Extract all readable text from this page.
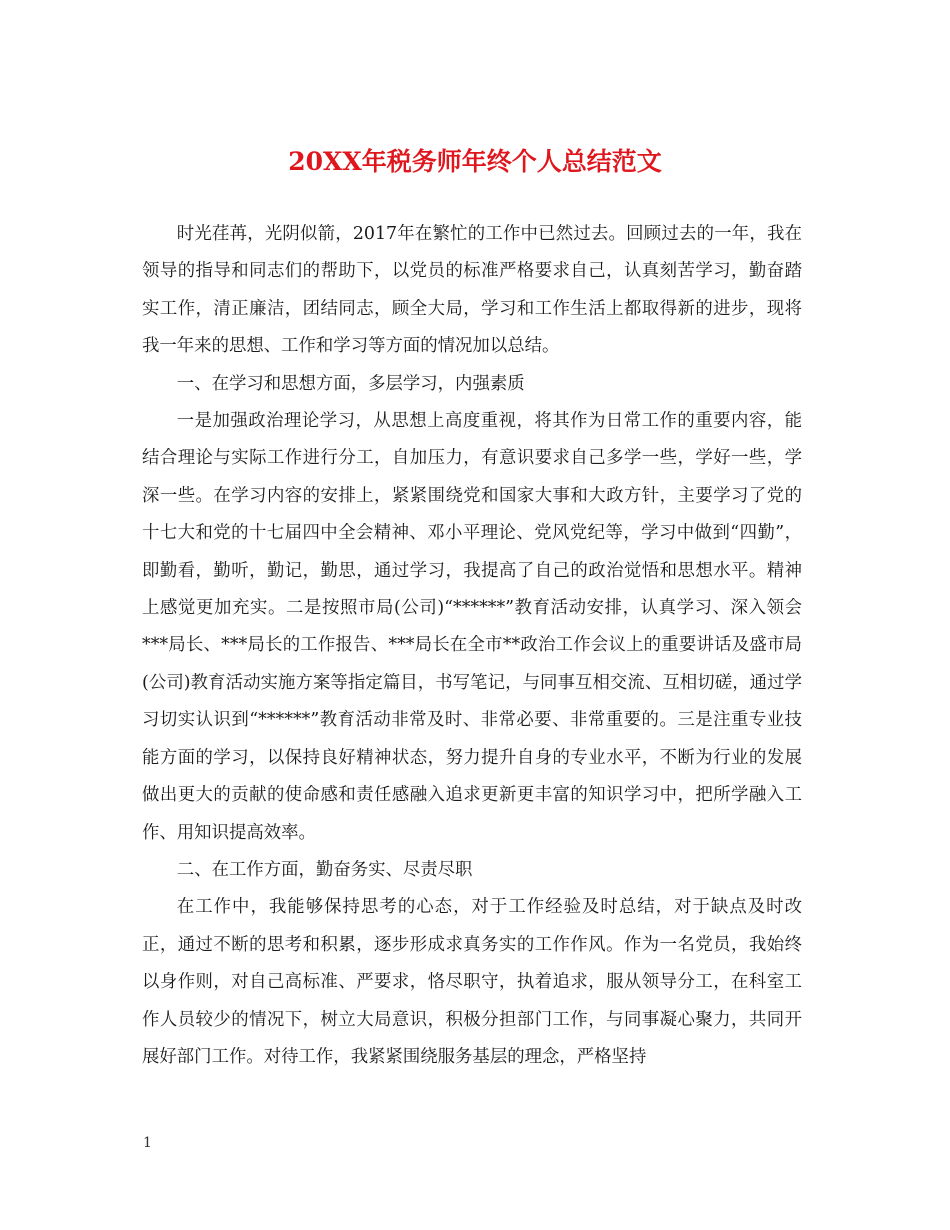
20XX年税务师年终个人总结范文

时光荏苒，光阴似箭，2017年在繁忙的工作中已然过去。回顾过去的一年，我在领导的指导和同志们的帮助下，以党员的标准严格要求自己，认真刻苦学习，勤奋踏实工作，清正廉洁，团结同志，顾全大局，学习和工作生活上都取得新的进步，现将我一年来的思想、工作和学习等方面的情况加以总结。

一、在学习和思想方面，多层学习，内强素质

一是加强政治理论学习，从思想上高度重视，将其作为日常工作的重要内容，能结合理论与实际工作进行分工，自加压力，有意识要求自己多学一些，学好一些，学深一些。在学习内容的安排上，紧紧围绕党和国家大事和大政方针，主要学习了党的十七大和党的十七届四中全会精神、邓小平理论、党风党纪等，学习中做到“四勤”，即勤看，勤听，勤记，勤思，通过学习，我提高了自己的政治觉悟和思想水平。精神上感觉更加充实。二是按照市局(公司)“******”教育活动安排，认真学习、深入领会***局长、***局长的工作报告、***局长在全市**政治工作会议上的重要讲话及盛市局(公司)教育活动实施方案等指定篇目，书写笔记，与同事互相交流、互相切磋，通过学习切实认识到“******”教育活动非常及时、非常必要、非常重要的。三是注重专业技能方面的学习，以保持良好精神状态，努力提升自身的专业水平，不断为行业的发展做出更大的贡献的使命感和责任感融入追求更新更丰富的知识学习中，把所学融入工作、用知识提高效率。

二、在工作方面，勤奋务实、尽责尽职

在工作中，我能够保持思考的心态，对于工作经验及时总结，对于缺点及时改正，通过不断的思考和积累，逐步形成求真务实的工作作风。作为一名党员，我始终以身作则，对自己高标准、严要求，恪尽职守，执着追求，服从领导分工，在科室工作人员较少的情况下，树立大局意识，积极分担部门工作，与同事凝心聚力，共同开展好部门工作。对待工作，我紧紧围绕服务基层的理念，严格坚持

1
